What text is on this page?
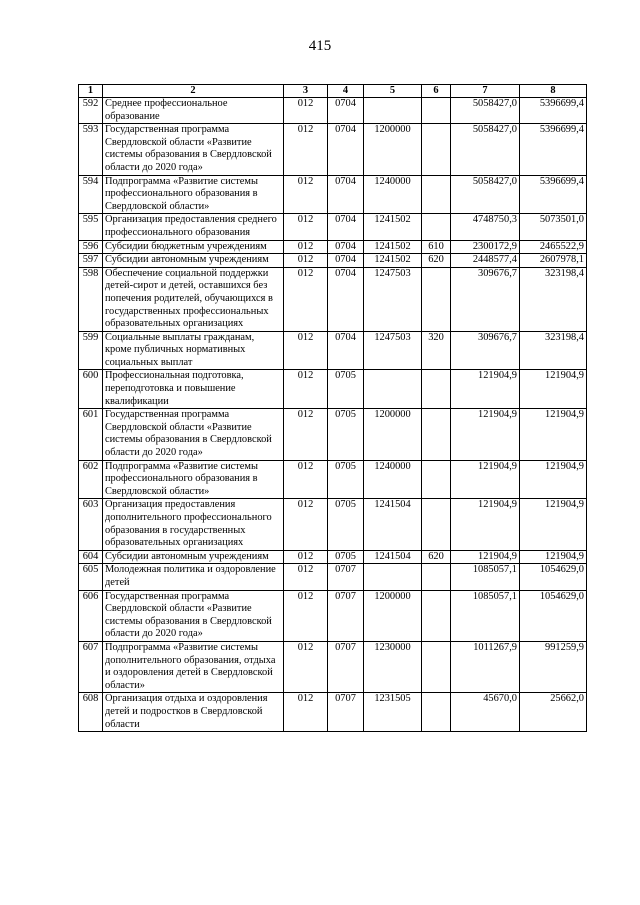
415
1	2	3	4	5	6	7	8
592	Среднее профессиональное образование	012	0704			5058427,0	5396699,4
593	Государственная программа Свердловской области «Развитие системы образования в Свердловской области до 2020 года»	012	0704	1200000		5058427,0	5396699,4
594	Подпрограмма «Развитие системы профессионального образования в Свердловской области»	012	0704	1240000		5058427,0	5396699,4
595	Организация предоставления среднего профессионального образования	012	0704	1241502		4748750,3	5073501,0
596	Субсидии бюджетным учреждениям	012	0704	1241502	610	2300172,9	2465522,9
597	Субсидии автономным учреждениям	012	0704	1241502	620	2448577,4	2607978,1
598	Обеспечение социальной поддержки детей-сирот и детей, оставшихся без попечения родителей, обучающихся в государственных профессиональных образовательных организациях	012	0704	1247503		309676,7	323198,4
599	Социальные выплаты гражданам, кроме публичных нормативных социальных выплат	012	0704	1247503	320	309676,7	323198,4
600	Профессиональная подготовка, переподготовка и повышение квалификации	012	0705			121904,9	121904,9
601	Государственная программа Свердловской области «Развитие системы образования в Свердловской области до 2020 года»	012	0705	1200000		121904,9	121904,9
602	Подпрограмма «Развитие системы профессионального образования в Свердловской области»	012	0705	1240000		121904,9	121904,9
603	Организация предоставления дополнительного профессионального образования в государственных образовательных организациях	012	0705	1241504		121904,9	121904,9
604	Субсидии автономным учреждениям	012	0705	1241504	620	121904,9	121904,9
605	Молодежная политика и оздоровление детей	012	0707			1085057,1	1054629,0
606	Государственная программа Свердловской области «Развитие системы образования в Свердловской области до 2020 года»	012	0707	1200000		1085057,1	1054629,0
607	Подпрограмма «Развитие системы дополнительного образования, отдыха и оздоровления детей в Свердловской области»	012	0707	1230000		1011267,9	991259,9
608	Организация отдыха и оздоровления детей и подростков в Свердловской области	012	0707	1231505		45670,0	25662,0
